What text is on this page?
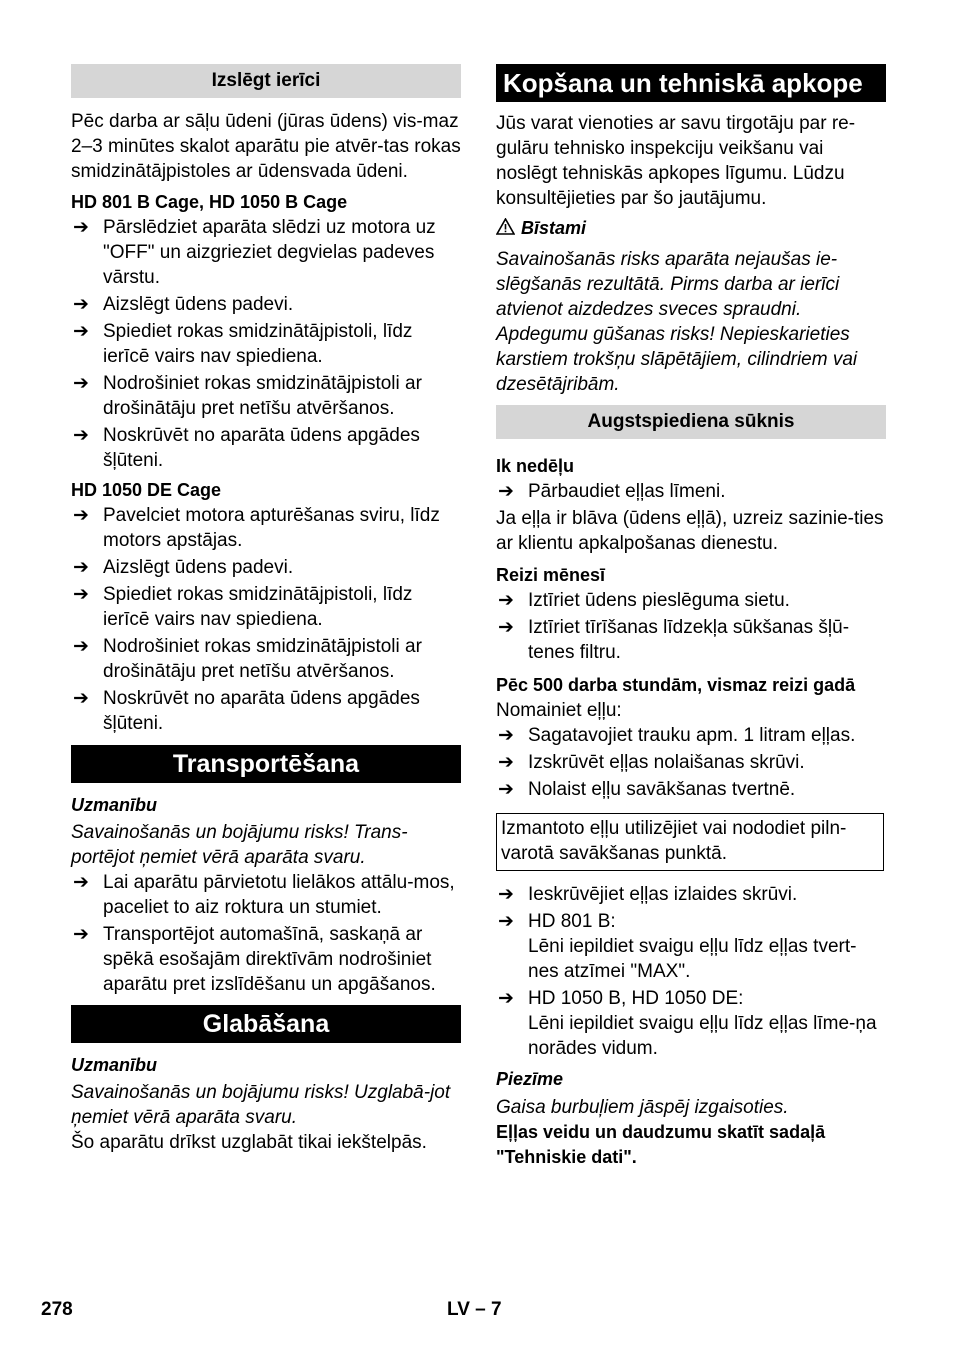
Izslēgt ierīci

Pēc darba ar sāļu ūdeni (jūras ūdens) vis-maz 2–3 minūtes skalot aparātu pie atvēr-tas rokas smidzinātājpistoles ar ūdensvada ūdeni.

HD 801 B Cage, HD 1050 B Cage

➔ Pārslēdziet aparāta slēdzi uz motora uz "OFF" un aizgrieziet degvielas padeves vārstu.
➔ Aizslēgt ūdens padevi.
➔ Spiediet rokas smidzinātājpistoli, līdz ierīcē vairs nav spiediena.
➔ Nodrošiniet rokas smidzinātājpistoli ar drošinātāju pret netīšu atvēršanos.
➔ Noskrūvēt no aparāta ūdens apgādes šļūteni.

HD 1050 DE Cage

➔ Pavelciet motora apturēšanas sviru, līdz motors apstājas.
➔ Aizslēgt ūdens padevi.
➔ Spiediet rokas smidzinātājpistoli, līdz ierīcē vairs nav spiediena.
➔ Nodrošiniet rokas smidzinātājpistoli ar drošinātāju pret netīšu atvēršanos.
➔ Noskrūvēt no aparāta ūdens apgādes šļūteni.
Transportēšana

Uzmanību

Savainošanās un bojājumu risks! Trans-portējot ņemiet vērā aparāta svaru.

➔ Lai aparātu pārvietotu lielākos attālu-mos, paceliet to aiz roktura un stumiet.
➔ Transportējot automašīnā, saskaņā ar spēkā esošajām direktīvām nodrošiniet aparātu pret izslīdēšanu un apgāšanos.
Glabāšana

Uzmanību

Savainošanās un bojājumu risks! Uzglabā-jot ņemiet vērā aparāta svaru.

Šo aparātu drīkst uzglabāt tikai iekštelpās.

Kopšana un tehniskā apkope

Jūs varat vienoties ar savu tirgotāju par re-gulāru tehnisko inspekciju veikšanu vai noslēgt tehniskās apkopes līgumu. Lūdzu konsultējieties par šo jautājumu.

Bīstami

Savainošanās risks aparāta nejaušas ie-slēgšanās rezultātā. Pirms darba ar ierīci atvienot aizdedzes sveces spraudni. Apdegumu gūšanas risks! Nepieskarieties karstiem trokšņu slāpētājiem, cilindriem vai dzesētājribām.

Augstspiediena sūknis

Ik nedēļu

➔ Pārbaudiet eļļas līmeni.

Ja eļļa ir blāva (ūdens eļļā), uzreiz sazinie-ties ar klientu apkalpošanas dienestu.

Reizi mēnesī

➔ Iztīriet ūdens pieslēguma sietu.
➔ Iztīriet tīrīšanas līdzekļa sūkšanas šļū-tenes filtru.

Pēc 500 darba stundām, vismaz reizi gadā

Nomainiet eļļu:

➔ Sagatavojiet trauku apm. 1 litram eļļas.
➔ Izskrūvēt eļļas nolaišanas skrūvi.
➔ Nolaist eļļu savākšanas tvertnē.

Izmantoto eļļu utilizējiet vai nododiet piln-varotā savākšanas punktā.

➔ Ieskrūvējiet eļļas izlaides skrūvi.
➔ HD 801 B:

Lēni iepildiet svaigu eļļu līdz eļļas tvert-nes atzīmei "MAX".

➔ HD 1050 B, HD 1050 DE:

Lēni iepildiet svaigu eļļu līdz eļļas līme-ņa norādes vidum.

Piezīme

Gaisa burbuļiem jāspēj izgaisoties.

Eļļas veidu un daudzumu skatīt sadaļā "Tehniskie dati".

278	LV – 7
